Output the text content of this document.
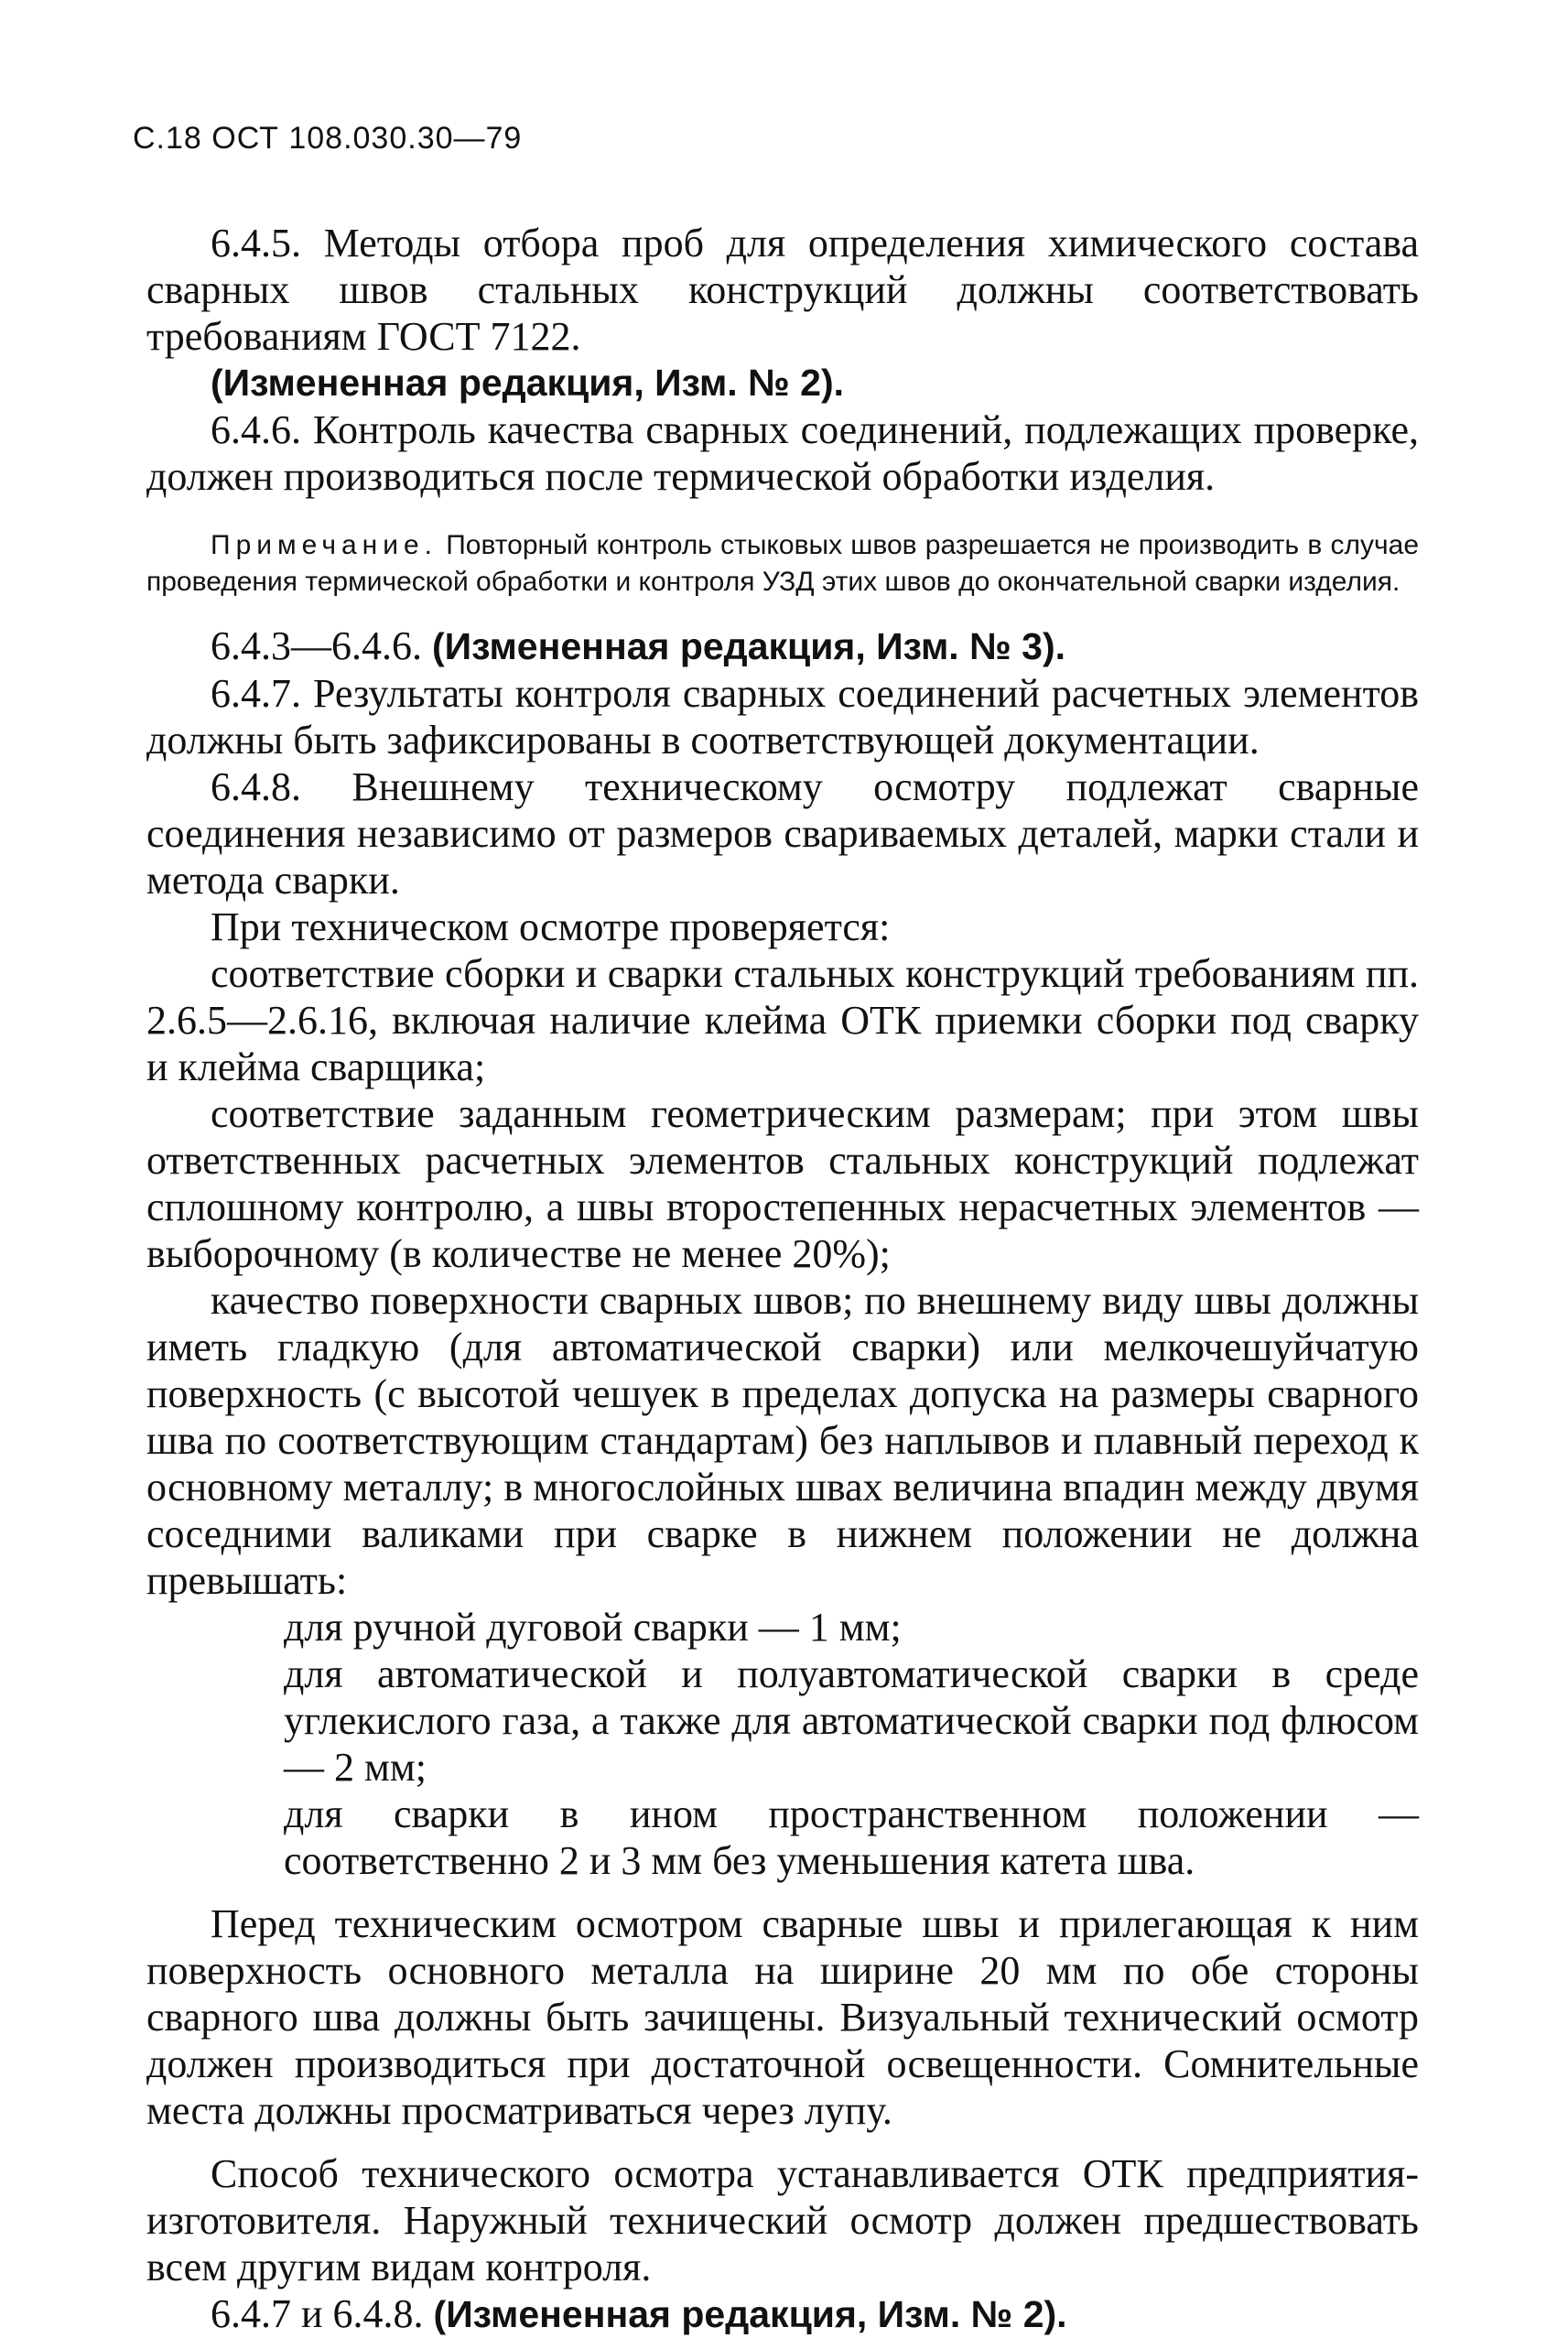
С.18 ОСТ 108.030.30—79

6.4.5. Методы отбора проб для определения химического состава сварных швов стальных конструкций должны соответствовать требованиям ГОСТ 7122.

(Измененная редакция, Изм. № 2).

6.4.6. Контроль качества сварных соединений, подлежащих проверке, должен производиться после термической обработки изделия.

Примечание. Повторный контроль стыковых швов разрешается не производить в случае проведения термической обработки и контроля УЗД этих швов до окончательной сварки изделия.

6.4.3—6.4.6. (Измененная редакция, Изм. № 3).

6.4.7. Результаты контроля сварных соединений расчетных элементов должны быть зафиксированы в соответствующей документации.

6.4.8. Внешнему техническому осмотру подлежат сварные соединения независимо от размеров свариваемых деталей, марки стали и метода сварки.

При техническом осмотре проверяется:

соответствие сборки и сварки стальных конструкций требованиям пп. 2.6.5—2.6.16, включая наличие клейма ОТК приемки сборки под сварку и клейма сварщика;

соответствие заданным геометрическим размерам; при этом швы ответственных расчетных элементов стальных конструкций подлежат сплошному контролю, а швы второстепенных нерасчетных элементов — выборочному (в количестве не менее 20%);

качество поверхности сварных швов; по внешнему виду швы должны иметь гладкую (для автоматической сварки) или мелкочешуйчатую поверхность (с высотой чешуек в пределах допуска на размеры сварного шва по соответствующим стандартам) без наплывов и плавный переход к основному металлу; в многослойных швах величина впадин между двумя соседними валиками при сварке в нижнем положении не должна превышать:

для ручной дуговой сварки — 1 мм;

для автоматической и полуавтоматической сварки в среде углекислого газа, а также для автоматической сварки под флюсом — 2 мм;

для сварки в ином пространственном положении — соответственно 2 и 3 мм без уменьшения катета шва.

Перед техническим осмотром сварные швы и прилегающая к ним поверхность основного металла на ширине 20 мм по обе стороны сварного шва должны быть зачищены. Визуальный технический осмотр должен производиться при достаточной освещенности. Сомнительные места должны просматриваться через лупу.

Способ технического осмотра устанавливается ОТК предприятия-изготовителя. Наружный технический осмотр должен предшествовать всем другим видам контроля.

6.4.7 и 6.4.8. (Измененная редакция, Изм. № 2).
